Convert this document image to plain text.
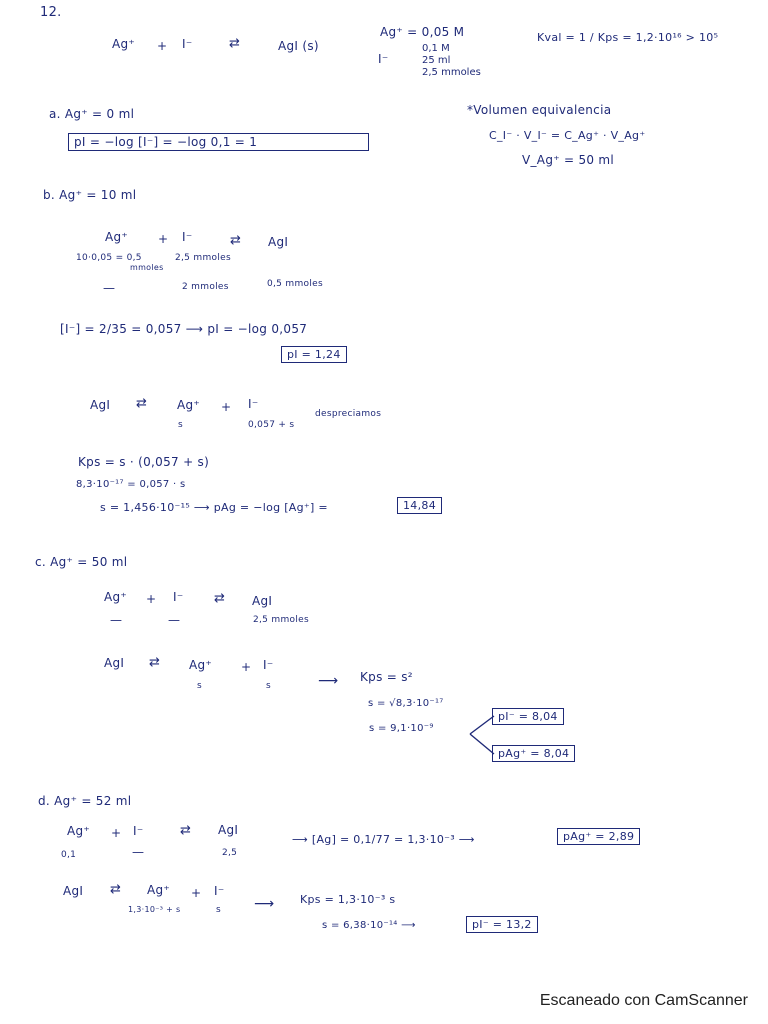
12.
Ag⁺ + I⁻	⇄	AgI (s)
Ag⁺ = 0,05 M
I⁻
0,1 M
25 ml
2,5 mmoles
Kval = 1 / Kps = 1,2·10¹⁶ > 10⁵
a. Ag⁺ = 0 ml
pI = −log [I⁻] = −log 0,1 = 1
*Volumen equivalencia
C_I⁻ · V_I⁻ = C_Ag⁺ · V_Ag⁺
V_Ag⁺ = 50 ml
b. Ag⁺ = 10 ml
Ag⁺ + I⁻	⇄ AgI
10·0,05 = 0,5
mmoles
2,5 mmoles
—	2 mmoles	0,5 mmoles
[I⁻] = 2/35 = 0,057 ⟶ pI = −log 0,057
pI = 1,24
AgI ⇄	Ag⁺ + I⁻
s	0,057 + s
despreciamos
Kps = s · (0,057 + s)
8,3·10⁻¹⁷ = 0,057 · s
s = 1,456·10⁻¹⁵ ⟶ pAg = −log [Ag⁺] =	14,84
c. Ag⁺ = 50 ml
Ag⁺ + I⁻ ⇄ AgI
—	—	2,5 mmoles
AgI ⇄	Ag⁺ + I⁻
s	s	⟶ Kps = s²
s = √8,3·10⁻¹⁷
s = 9,1·10⁻⁹
pI⁻ = 8,04
pAg⁺ = 8,04
d. Ag⁺ = 52 ml
Ag⁺ + I⁻	⇄ AgI
0,1	—	2,5
⟶ [Ag] = 0,1/77 = 1,3·10⁻³ ⟶	pAg⁺ = 2,89
AgI ⇄ Ag⁺ + I⁻
1,3·10⁻³ + s	s ⟶ Kps = 1,3·10⁻³ s
s = 6,38·10⁻¹⁴ ⟶	pI⁻ = 13,2
Escaneado con CamScanner
